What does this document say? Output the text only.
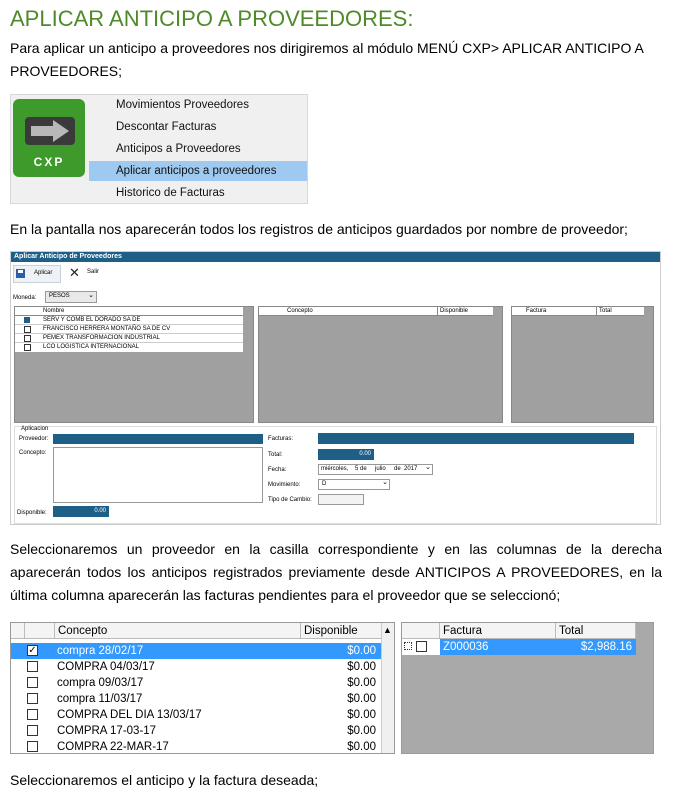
APLICAR ANTICIPO A PROVEEDORES:
Para aplicar un anticipo a proveedores nos dirigiremos al módulo MENÚ CXP> APLICAR ANTICIPO A
PROVEEDORES;
CXP
Movimientos Proveedores
Descontar Facturas
Anticipos a Proveedores
Aplicar anticipos a proveedores
Historico de Facturas
En la pantalla nos aparecerán todos los registros de anticipos guardados por nombre de proveedor;
Aplicar Anticipo de Proveedores
Aplicar ✕ Salir
Moneda: PESOS	⌄
Nombre
SERV Y COMB EL DORADO SA DE
FRANCISCO HERRERA MONTAÑO SA DE CV
PEMEX TRANSFORMACION INDUSTRIAL
LCO LOGISTICA INTERNACIONAL
Concepto	Disponible	Factura	Total
Aplicacion
Proveedor:
Concepto:
Disponible:	0.00
Facturas:
Total:	0.00
Fecha:	miércoles,    5 de     julio     de  2017 ⌄
Movimiento:	D	⌄
Tipo de Cambio:
Seleccionaremos un proveedor en la casilla correspondiente y en las columnas de la derecha
aparecerán todos los anticipos registrados previamente desde ANTICIPOS A PROVEEDORES, en la
última columna aparecerán las facturas pendientes para el proveedor que se seleccionó;
Concepto	Disponible
✓ compra 28/02/17	$0.00
COMPRA 04/03/17	$0.00
compra 09/03/17	$0.00
compra 11/03/17	$0.00
COMPRA DEL DIA 13/03/17	$0.00
COMPRA 17-03-17	$0.00
COMPRA 22-MAR-17	$0.00
▲	Factura	Total
Z000036	$2,988.16
Seleccionaremos el anticipo y la factura deseada;
